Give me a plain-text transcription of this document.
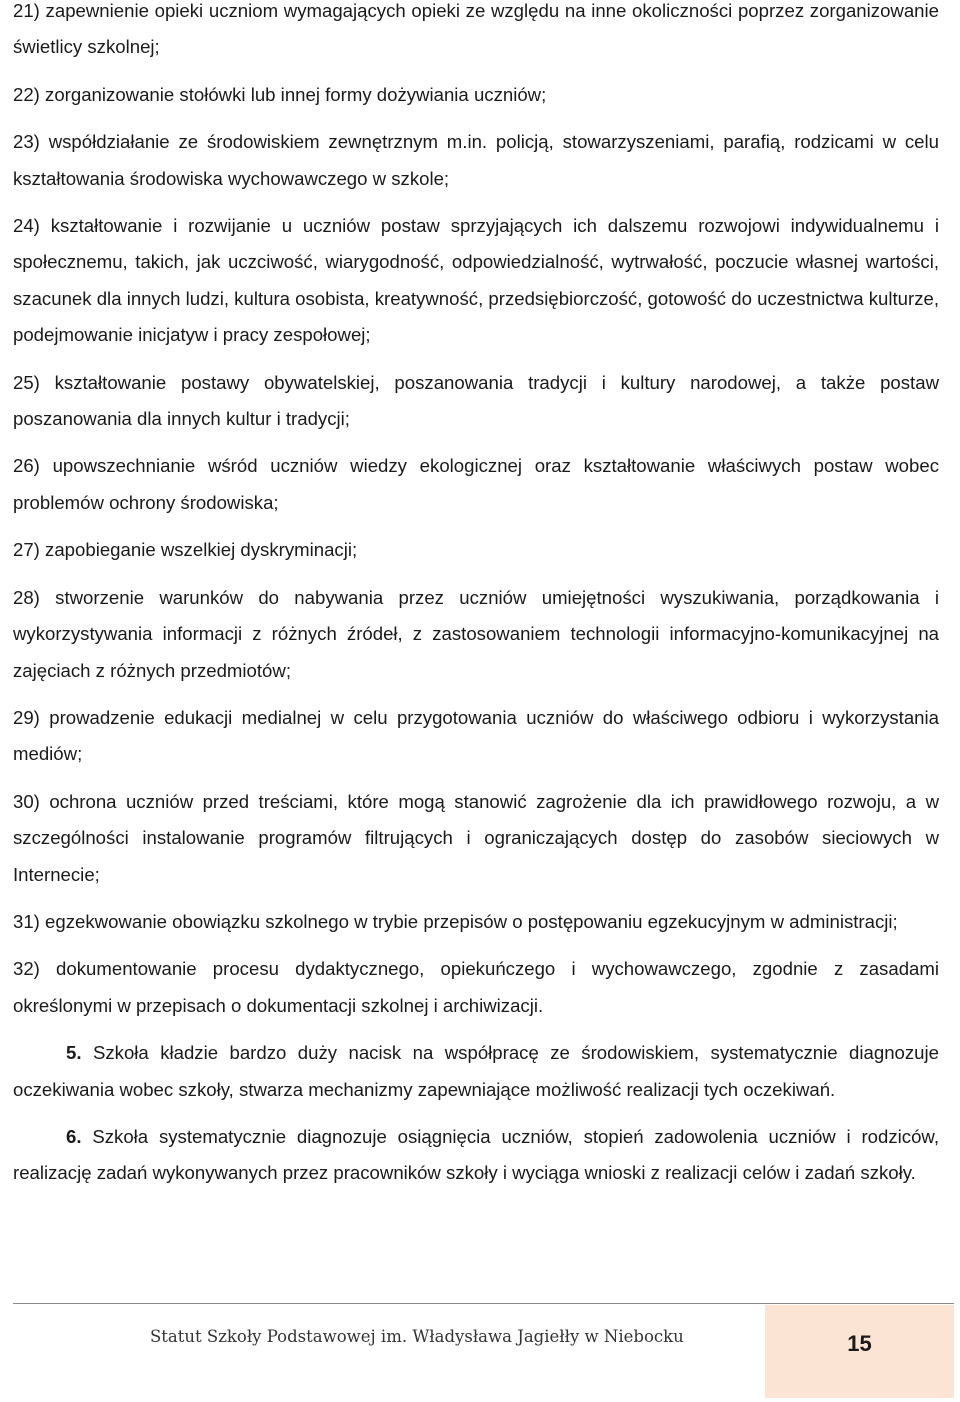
21) zapewnienie opieki uczniom wymagających opieki ze względu na inne okoliczności poprzez zorganizowanie świetlicy szkolnej;

22) zorganizowanie stołówki lub innej formy dożywiania uczniów;

23) współdziałanie ze środowiskiem zewnętrznym m.in. policją, stowarzyszeniami, parafią, rodzicami w celu kształtowania środowiska wychowawczego w szkole;

24) kształtowanie i rozwijanie u uczniów postaw sprzyjających ich dalszemu rozwojowi indywidualnemu i społecznemu, takich, jak uczciwość, wiarygodność, odpowiedzialność, wytrwałość, poczucie własnej wartości, szacunek dla innych ludzi, kultura osobista, kreatywność, przedsiębiorczość, gotowość do uczestnictwa kulturze, podejmowanie inicjatyw i pracy zespołowej;

25) kształtowanie postawy obywatelskiej, poszanowania tradycji i kultury narodowej, a także postaw poszanowania dla innych kultur i tradycji;

26) upowszechnianie wśród uczniów wiedzy ekologicznej oraz kształtowanie właściwych postaw wobec problemów ochrony środowiska;

27) zapobieganie wszelkiej dyskryminacji;

28) stworzenie warunków do nabywania przez uczniów umiejętności wyszukiwania, porządkowania i wykorzystywania informacji z różnych źródeł, z zastosowaniem technologii informacyjno-komunikacyjnej na zajęciach z różnych przedmiotów;

29) prowadzenie edukacji medialnej w celu przygotowania uczniów do właściwego odbioru i wykorzystania mediów;

30) ochrona uczniów przed treściami, które mogą stanowić zagrożenie dla ich prawidłowego rozwoju, a w szczególności instalowanie programów filtrujących i ograniczających dostęp do zasobów sieciowych w Internecie;

31) egzekwowanie obowiązku szkolnego w trybie przepisów o postępowaniu egzekucyjnym w administracji;

32) dokumentowanie procesu dydaktycznego, opiekuńczego i wychowawczego, zgodnie z zasadami określonymi w przepisach o dokumentacji szkolnej i archiwizacji.

5. Szkoła kładzie bardzo duży nacisk na współpracę ze środowiskiem, systematycznie diagnozuje oczekiwania wobec szkoły, stwarza mechanizmy zapewniające możliwość realizacji tych oczekiwań.

6. Szkoła systematycznie diagnozuje osiągnięcia uczniów, stopień zadowolenia uczniów i rodziców, realizację zadań wykonywanych przez pracowników szkoły i wyciąga wnioski z realizacji celów i zadań szkoły.

Statut Szkoły Podstawowej im. Władysława Jagiełły w Niebocku	15
